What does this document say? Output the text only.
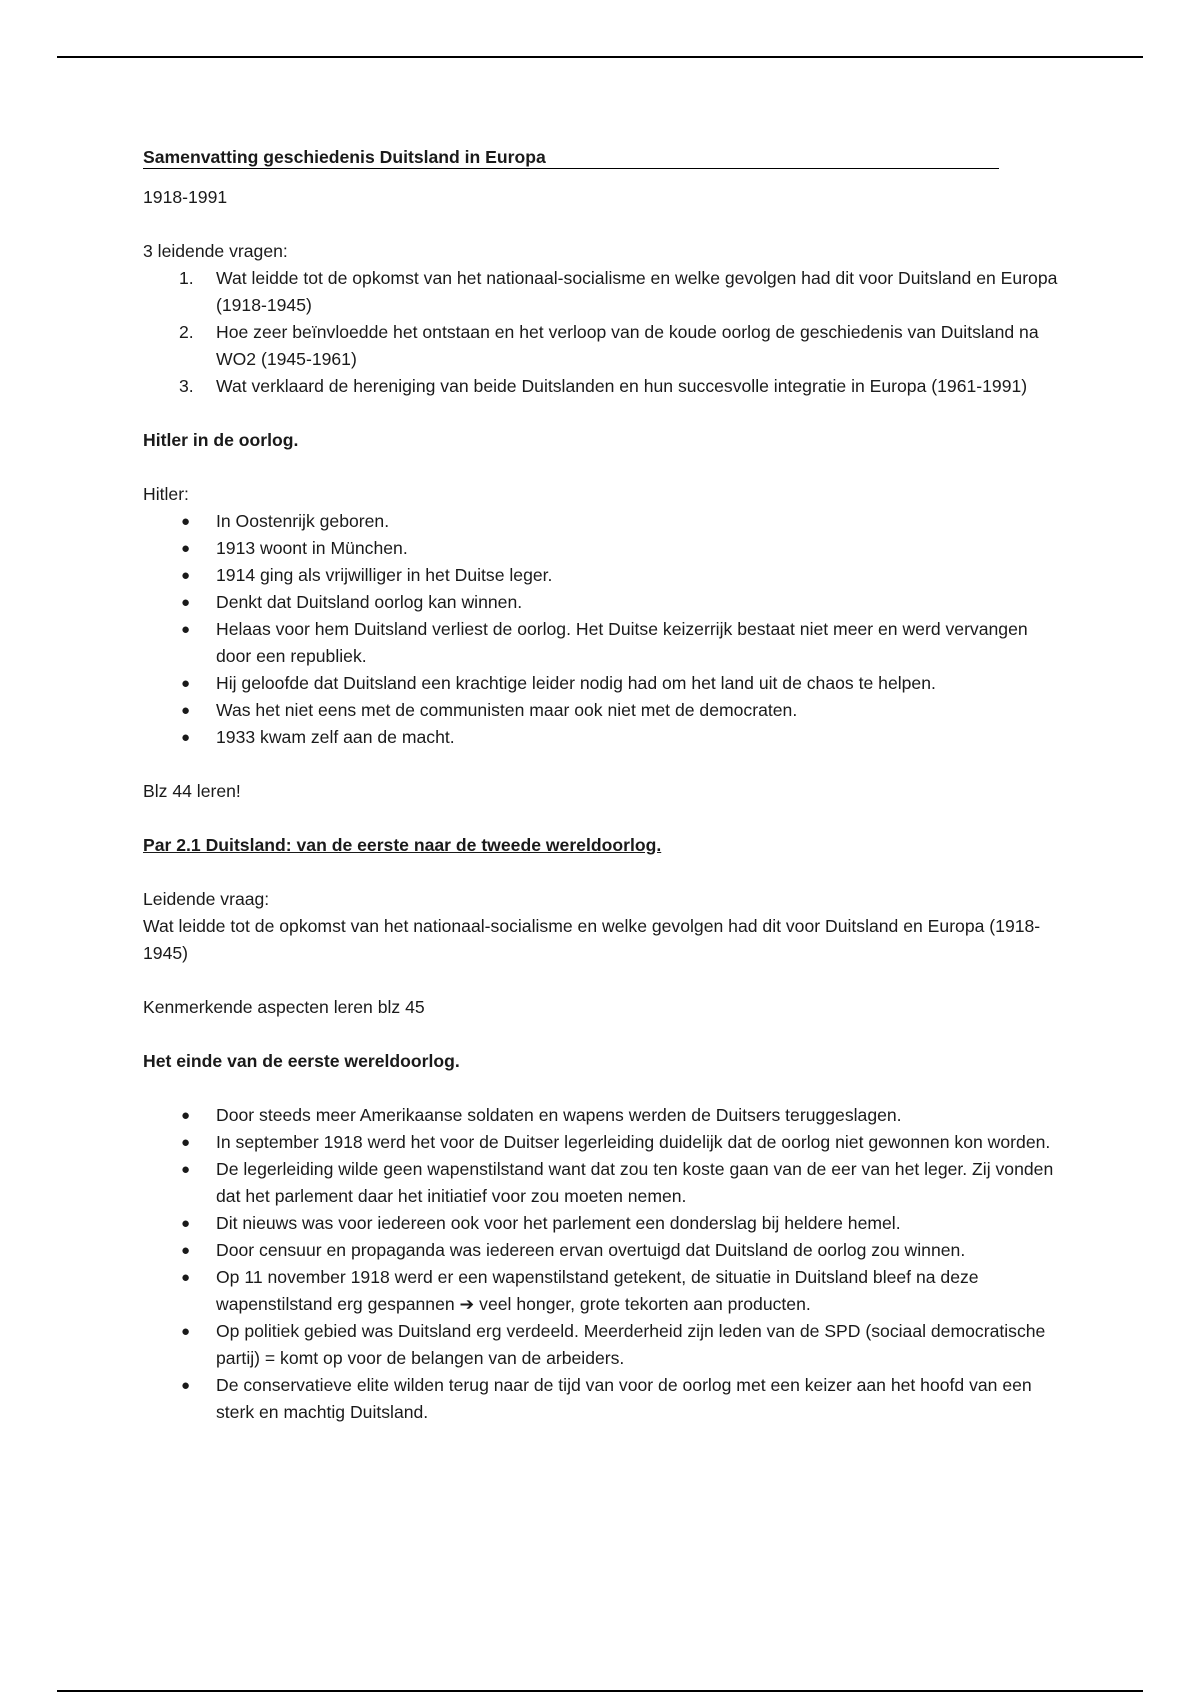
Samenvatting geschiedenis Duitsland in Europa

1918-1991

3 leidende vragen:

1. Wat leidde tot de opkomst van het nationaal-socialisme en welke gevolgen had dit voor Duitsland en Europa (1918-1945)
2. Hoe zeer beïnvloedde het ontstaan en het verloop van de koude oorlog de geschiedenis van Duitsland na WO2 (1945-1961)
3. Wat verklaard de hereniging van beide Duitslanden en hun succesvolle integratie in Europa (1961-1991)

Hitler in de oorlog.

Hitler:

● In Oostenrijk geboren.
● 1913 woont in München.
● 1914 ging als vrijwilliger in het Duitse leger.
● Denkt dat Duitsland oorlog kan winnen.
● Helaas voor hem Duitsland verliest de oorlog. Het Duitse keizerrijk bestaat niet meer en werd vervangen door een republiek.
● Hij geloofde dat Duitsland een krachtige leider nodig had om het land uit de chaos te helpen.
● Was het niet eens met de communisten maar ook niet met de democraten.
● 1933 kwam zelf aan de macht.

Blz 44 leren!

Par 2.1 Duitsland: van de eerste naar de tweede wereldoorlog.

Leidende vraag:

Wat leidde tot de opkomst van het nationaal-socialisme en welke gevolgen had dit voor Duitsland en Europa (1918-1945)

Kenmerkende aspecten leren blz 45

Het einde van de eerste wereldoorlog.

● Door steeds meer Amerikaanse soldaten en wapens werden de Duitsers teruggeslagen.
● In september 1918 werd het voor de Duitser legerleiding duidelijk dat de oorlog niet gewonnen kon worden.
● De legerleiding wilde geen wapenstilstand want dat zou ten koste gaan van de eer van het leger. Zij vonden dat het parlement daar het initiatief voor zou moeten nemen.
● Dit nieuws was voor iedereen ook voor het parlement een donderslag bij heldere hemel.
● Door censuur en propaganda was iedereen ervan overtuigd dat Duitsland de oorlog zou winnen.
● Op 11 november 1918 werd er een wapenstilstand getekent, de situatie in Duitsland bleef na deze wapenstilstand erg gespannen ➔ veel honger, grote tekorten aan producten.
● Op politiek gebied was Duitsland erg verdeeld. Meerderheid zijn leden van de SPD (sociaal democratische partij) = komt op voor de belangen van de arbeiders.
● De conservatieve elite wilden terug naar de tijd van voor de oorlog met een keizer aan het hoofd van een sterk en machtig Duitsland.
